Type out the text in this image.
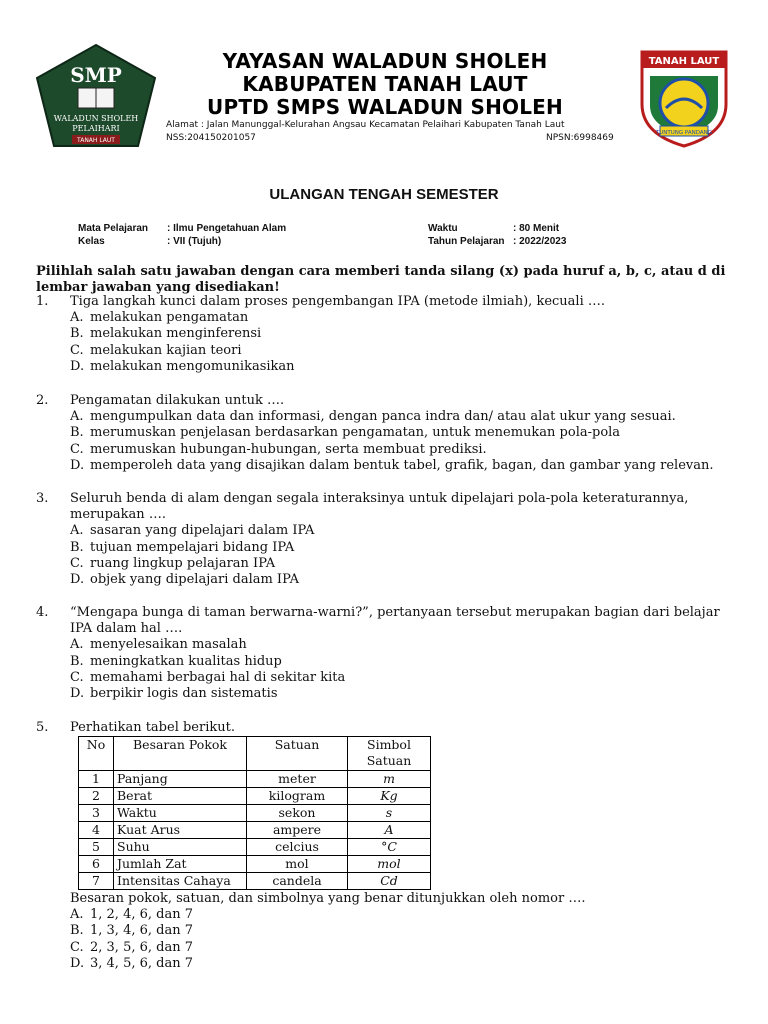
SMP
WALADUN SHOLEH
PELAIHARI
TANAH LAUT
YAYASAN WALADUN SHOLEH
KABUPATEN TANAH LAUT
UPTD SMPS WALADUN SHOLEH
Alamat : Jalan Manunggal-Kelurahan Angsau Kecamatan Pelaihari Kabupaten Tanah Laut
NSS:204150201057	NPSN:6998469
TANAH LAUT
TUNTUNG PANDANG
ULANGAN TENGAH SEMESTER
Mata Pelajaran : Ilmu Pengetahuan Alam
Kelas	: VII (Tujuh)
Waktu	: 80 Menit
Tahun Pelajaran : 2022/2023
Pilihlah salah satu jawaban dengan cara memberi tanda silang (x) pada huruf a, b, c, atau d di lembar jawaban yang disediakan!
1. Tiga langkah kunci dalam proses pengembangan IPA (metode ilmiah), kecuali ….
A. melakukan pengamatan
B. melakukan menginferensi
C. melakukan kajian teori
D. melakukan mengomunikasikan
2. Pengamatan dilakukan untuk ….
A. mengumpulkan data dan informasi, dengan panca indra dan/ atau alat ukur yang sesuai.
B. merumuskan penjelasan berdasarkan pengamatan, untuk menemukan pola-pola
C. merumuskan hubungan-hubungan, serta membuat prediksi.
D. memperoleh data yang disajikan dalam bentuk tabel, grafik, bagan, dan gambar yang relevan.
3. Seluruh benda di alam dengan segala interaksinya untuk dipelajari pola-pola keteraturannya, merupakan ….
A. sasaran yang dipelajari dalam IPA
B. tujuan mempelajari bidang IPA
C. ruang lingkup pelajaran IPA
D. objek yang dipelajari dalam IPA
4. “Mengapa bunga di taman berwarna-warni?”, pertanyaan tersebut merupakan bagian dari belajar IPA dalam hal ….
A. menyelesaikan masalah
B. meningkatkan kualitas hidup
C. memahami berbagai hal di sekitar kita
D. berpikir logis dan sistematis
5. Perhatikan tabel berikut.
No	Besaran Pokok	Satuan	Simbol
Satuan
1	Panjang	meter	m
2	Berat	kilogram	Kg
3	Waktu	sekon	s
4	Kuat Arus	ampere	A
5	Suhu	celcius	°C
6	Jumlah Zat	mol	mol
7	Intensitas Cahaya	candela	Cd
Besaran pokok, satuan, dan simbolnya yang benar ditunjukkan oleh nomor ….
A. 1, 2, 4, 6, dan 7
B. 1, 3, 4, 6, dan 7
C. 2, 3, 5, 6, dan 7
D. 3, 4, 5, 6, dan 7
